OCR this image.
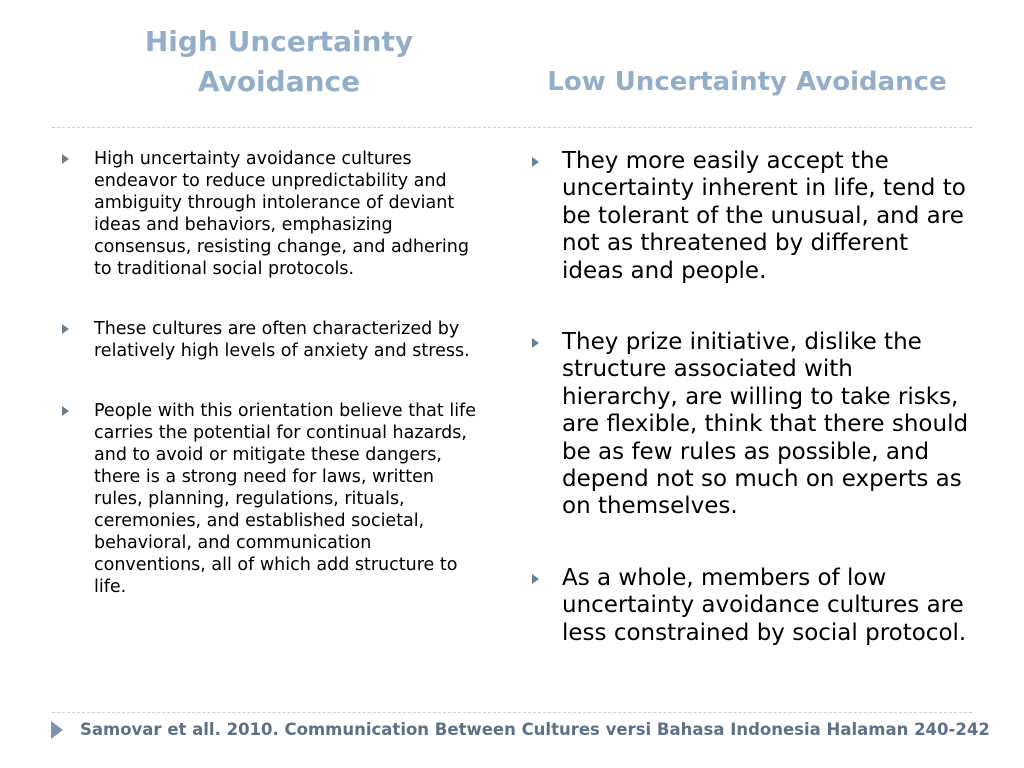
High Uncertainty
Avoidance	Low Uncertainty Avoidance
High uncertainty avoidance cultures endeavor to reduce unpredictability and ambiguity through intolerance of deviant ideas and behaviors, emphasizing consensus, resisting change, and adhering to traditional social protocols.
These cultures are often characterized by relatively high levels of anxiety and stress.
People with this orientation believe that life carries the potential for continual hazards, and to avoid or mitigate these dangers, there is a strong need for laws, written rules, planning, regulations, rituals, ceremonies, and established societal, behavioral, and communication conventions, all of which add structure to life.
They more easily accept the uncertainty inherent in life, tend to be tolerant of the unusual, and are not as threatened by different ideas and people.
They prize initiative, dislike the structure associated with hierarchy, are willing to take risks, are flexible, think that there should be as few rules as possible, and depend not so much on experts as on themselves.
As a whole, members of low uncertainty avoidance cultures are less constrained by social protocol.

Samovar et all. 2010. Communication Between Cultures versi Bahasa Indonesia Halaman 240-242
